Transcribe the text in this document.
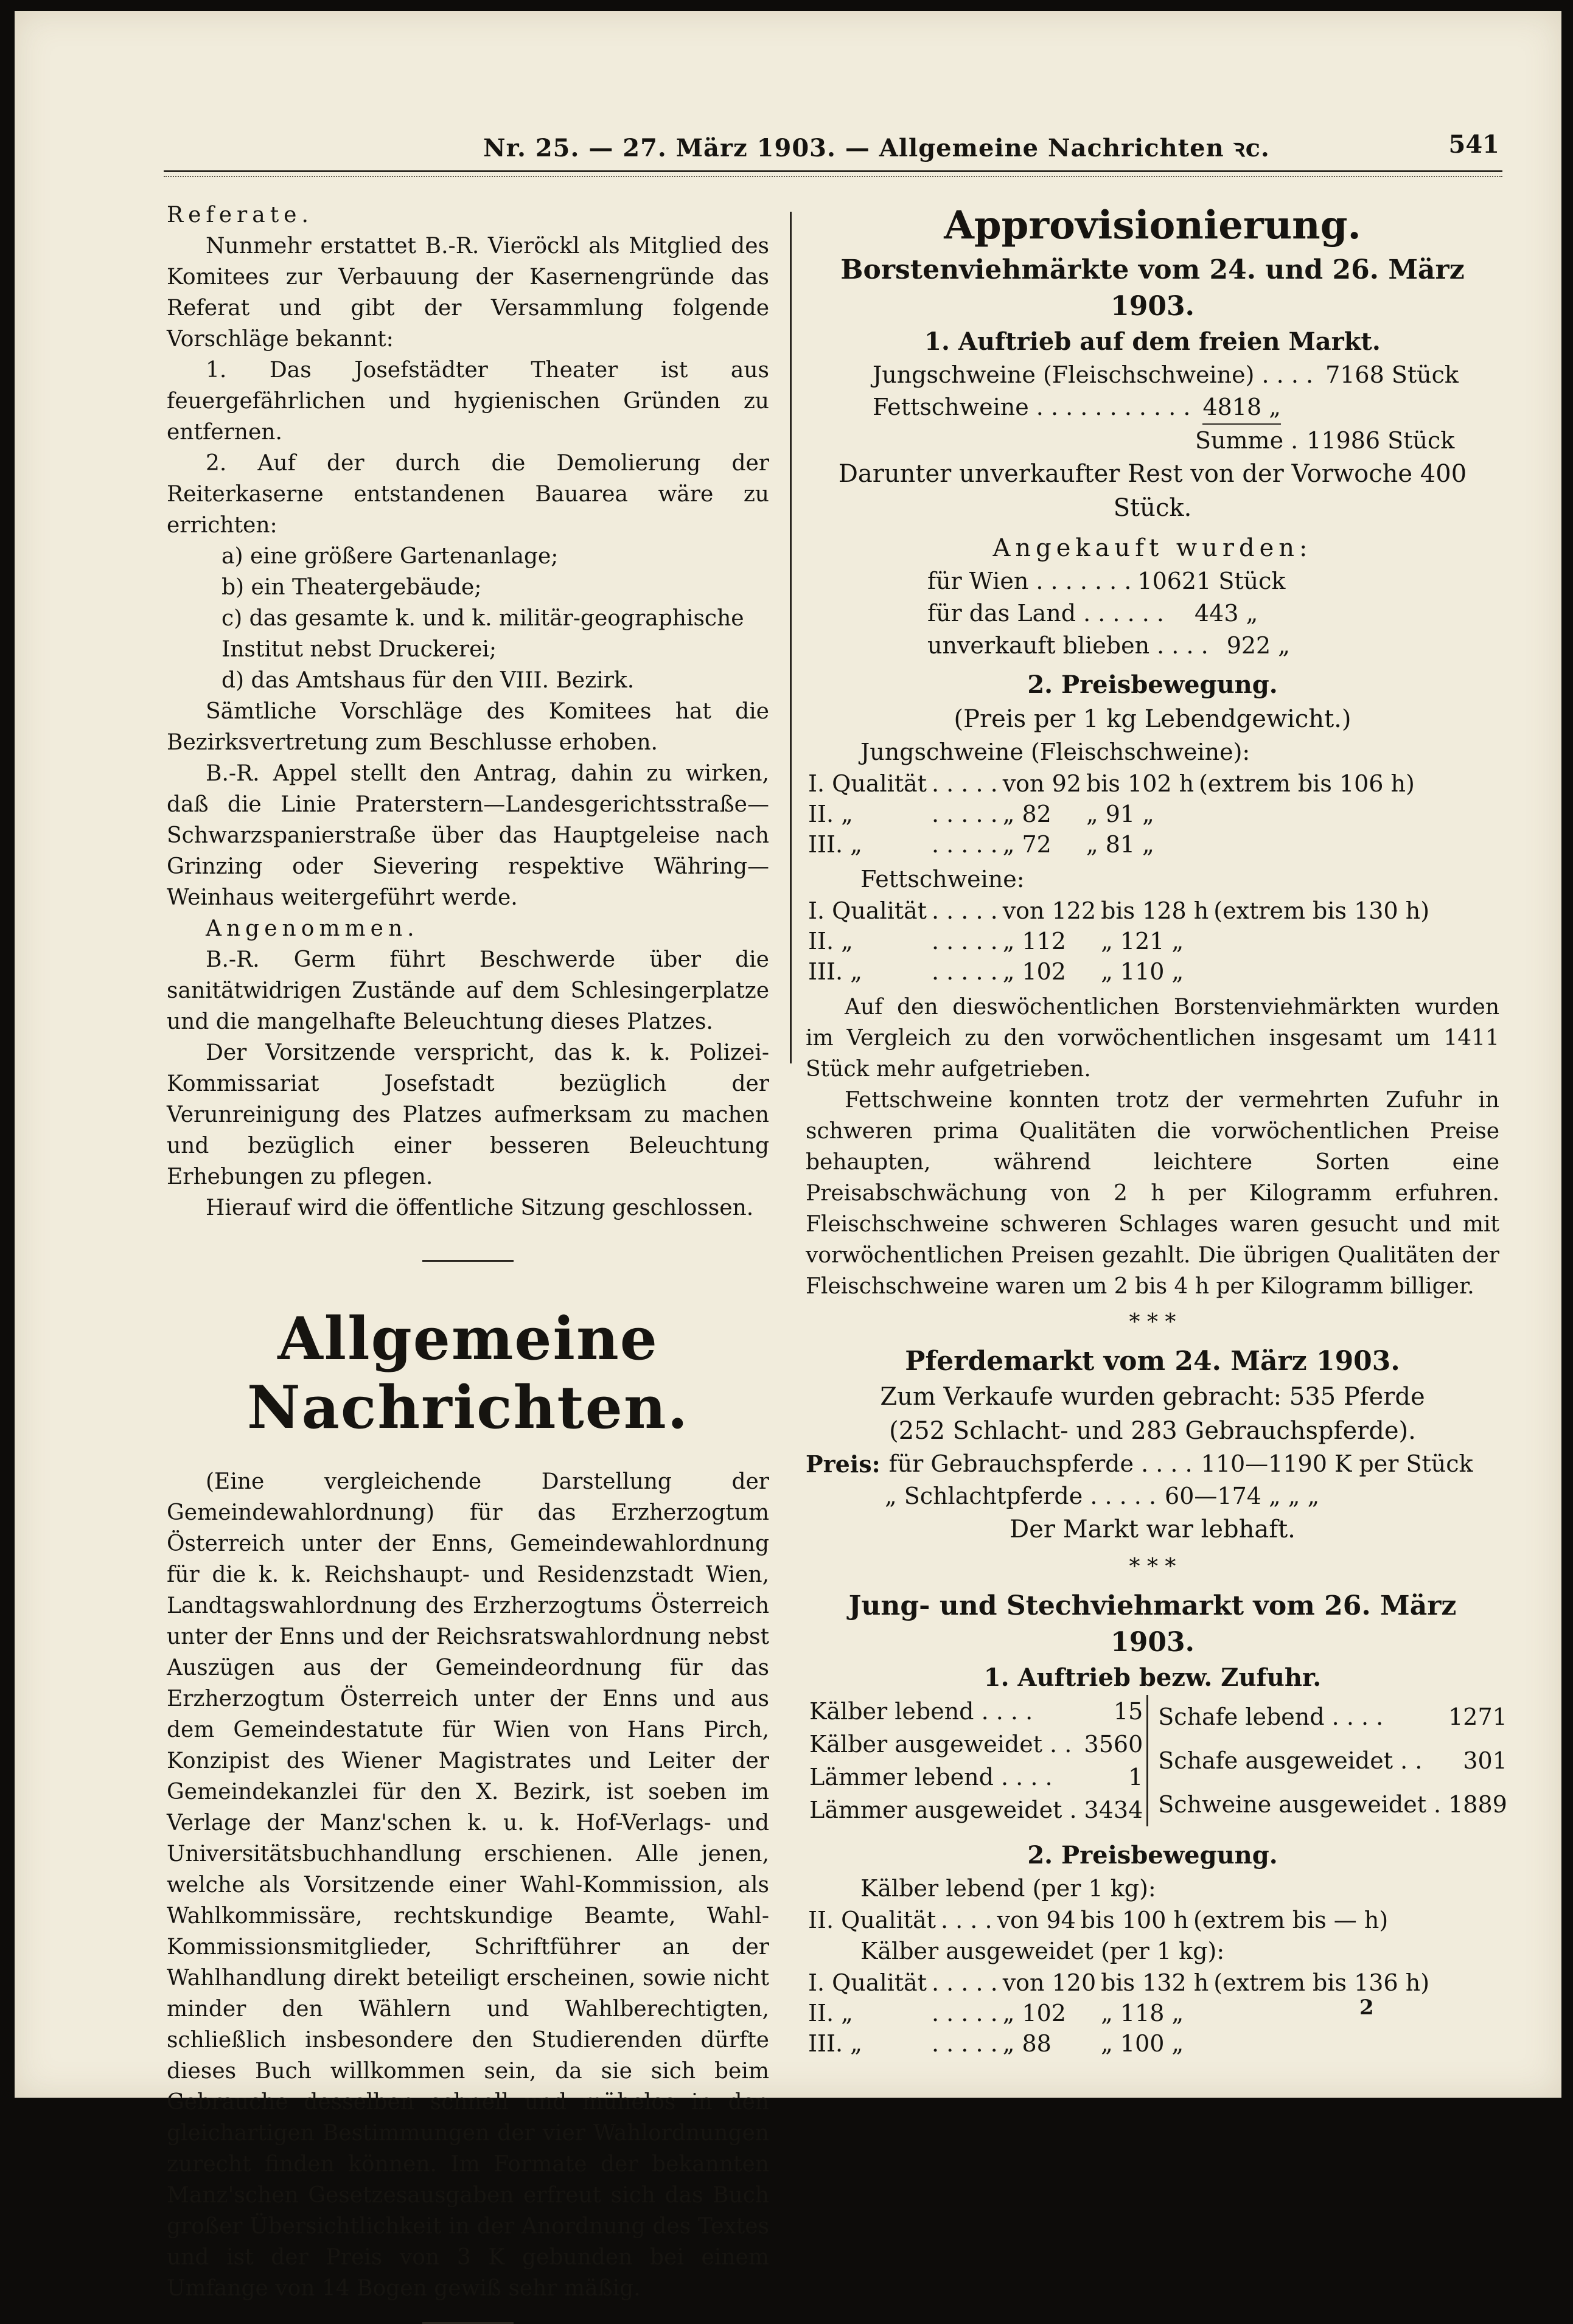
Nr. 25. — 27. März 1903. — Allgemeine Nachrichten ꝛc.	541

Referate.

Nunmehr erstattet B.-R. Vieröckl als Mitglied des Komitees zur Verbauung der Kasernengründe das Referat und gibt der Versammlung folgende Vorschläge bekannt:

1. Das Josefstädter Theater ist aus feuergefährlichen und hygienischen Gründen zu entfernen.

2. Auf der durch die Demolierung der Reiterkaserne entstandenen Bauarea wäre zu errichten:

a) eine größere Gartenanlage;

b) ein Theatergebäude;

c) das gesamte k. und k. militär-geographische Institut nebst Druckerei;

d) das Amtshaus für den VIII. Bezirk.

Sämtliche Vorschläge des Komitees hat die Bezirksvertretung zum Beschlusse erhoben.

B.-R. Appel stellt den Antrag, dahin zu wirken, daß die Linie Praterstern—Landesgerichtsstraße—Schwarzspanierstraße über das Hauptgeleise nach Grinzing oder Sievering respektive Währing—Weinhaus weitergeführt werde.

Angenommen.

B.-R. Germ führt Beschwerde über die sanitätwidrigen Zustände auf dem Schlesingerplatze und die mangelhafte Beleuchtung dieses Platzes.

Der Vorsitzende verspricht, das k. k. Polizei-Kommissariat Josefstadt bezüglich der Verunreinigung des Platzes aufmerksam zu machen und bezüglich einer besseren Beleuchtung Erhebungen zu pflegen.

Hierauf wird die öffentliche Sitzung geschlossen.

Allgemeine Nachrichten.

(Eine vergleichende Darstellung der Gemeindewahlordnung) für das Erzherzogtum Österreich unter der Enns, Gemeindewahlordnung für die k. k. Reichshaupt- und Residenzstadt Wien, Landtagswahlordnung des Erzherzogtums Österreich unter der Enns und der Reichsratswahlordnung nebst Auszügen aus der Gemeindeordnung für das Erzherzogtum Österreich unter der Enns und aus dem Gemeindestatute für Wien von Hans Pirch, Konzipist des Wiener Magistrates und Leiter der Gemeindekanzlei für den X. Bezirk, ist soeben im Verlage der Manz'schen k. u. k. Hof-Verlags- und Universitätsbuchhandlung erschienen. Alle jenen, welche als Vorsitzende einer Wahl-Kommission, als Wahlkommissäre, rechtskundige Beamte, Wahl-Kommissionsmitglieder, Schriftführer an der Wahlhandlung direkt beteiligt erscheinen, sowie nicht minder den Wählern und Wahlberechtigten, schließlich insbesondere den Studierenden dürfte dieses Buch willkommen sein, da sie sich beim Gebrauche desselben schnell und mühelos in den gleichartigen Bestimmungen der vier Wahlordnungen zurecht finden können. Im Formate der bekannten Manz'schen Gesetzesausgaben erfreut sich das Buch großer Übersichtlichkeit in der Anordnung des Textes und ist der Preis von 3 K gebunden bei einem Umfange von 14 Bogen gewiß sehr mäßig.

Approvisionierung.

Borstenviehmärkte vom 24. und 26. März 1903.

1. Auftrieb auf dem freien Markt.

Jungschweine (Fleischschweine) . . . . 7168 Stück
Fettschweine . . . . . . . . . . . 4818 „
Summe . 11986 Stück

Darunter unverkaufter Rest von der Vorwoche 400 Stück.

Angekauft wurden:

für Wien . . . . . . . 10621 Stück
für das Land . . . . . . 443 „
unverkauft blieben . . . . 922 „

2. Preisbewegung.

(Preis per 1 kg Lebendgewicht.)

Jungschweine (Fleischschweine):

I. Qualität	. . . . .	von 92	bis 102 h	(extrem bis 106 h)
II. „	. . . . .	„ 82	„ 91 „	
III. „	. . . . .	„ 72	„ 81 „	

Fettschweine:

I. Qualität	. . . . .	von 122	bis 128 h	(extrem bis 130 h)
II. „	. . . . .	„ 112	„ 121 „	
III. „	. . . . .	„ 102	„ 110 „	

Auf den dieswöchentlichen Borstenviehmärkten wurden im Vergleich zu den vorwöchentlichen insgesamt um 1411 Stück mehr aufgetrieben.

Fettschweine konnten trotz der vermehrten Zufuhr in schweren prima Qualitäten die vorwöchentlichen Preise behaupten, während leichtere Sorten eine Preisabschwächung von 2 h per Kilogramm erfuhren. Fleischschweine schweren Schlages waren gesucht und mit vorwöchentlichen Preisen gezahlt. Die übrigen Qualitäten der Fleischschweine waren um 2 bis 4 h per Kilogramm billiger.

* * *

Pferdemarkt vom 24. März 1903.

Zum Verkaufe wurden gebracht: 535 Pferde

(252 Schlacht- und 283 Gebrauchspferde).

Preis: für Gebrauchspferde . . . . 110—1190 K per Stück
„ Schlachtpferde . . . . . 60—174 „ „ „

Der Markt war lebhaft.

* * *

Jung- und Stechviehmarkt vom 26. März 1903.

1. Auftrieb bezw. Zufuhr.

Kälber lebend . . . .	15
Kälber ausgeweidet . .	3560
Lämmer lebend . . . .	1
Lämmer ausgeweidet .	3434
Schafe lebend . . . .	1271
Schafe ausgeweidet . .	301
Schweine ausgeweidet .	1889

2. Preisbewegung.

Kälber lebend (per 1 kg):

II. Qualität	. . . .	von 94	bis 100 h	(extrem bis — h)

Kälber ausgeweidet (per 1 kg):

I. Qualität	. . . . .	von 120	bis 132 h	(extrem bis 136 h)
II. „	. . . . .	„ 102	„ 118 „	
III. „	. . . . .	„ 88	„ 100 „	
2
